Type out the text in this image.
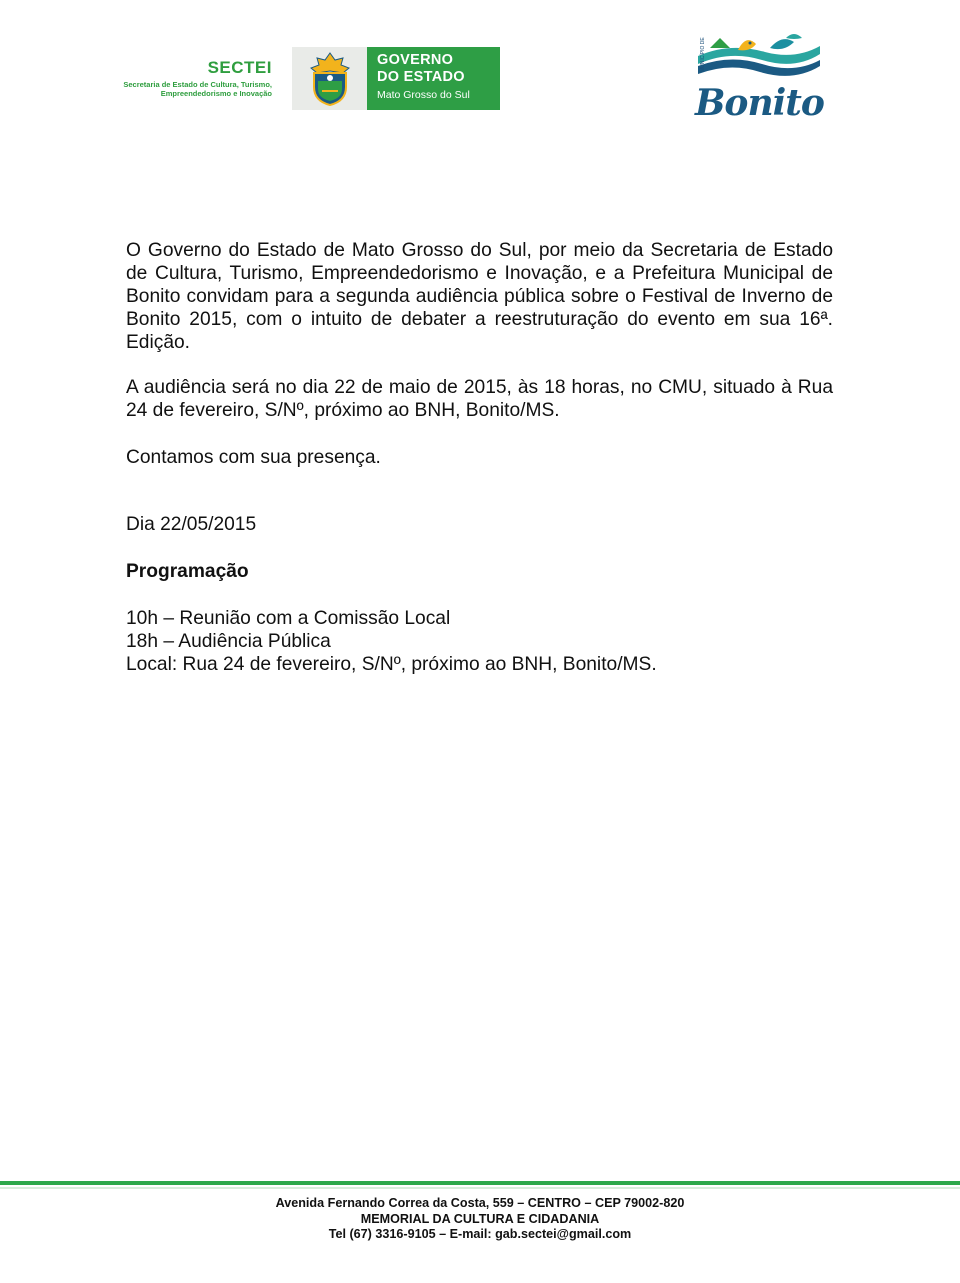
SECTEI
Secretaria de Estado de Cultura, Turismo,
Empreendedorismo e Inovação
GOVERNO
DO ESTADO
Mato Grosso do Sul
MUNICÍPIO DE
Bonito

O Governo do Estado de Mato Grosso do Sul, por meio da Secretaria de Estado de Cultura, Turismo, Empreendedorismo e Inovação, e a Prefeitura Municipal de Bonito convidam para a segunda audiência pública sobre o Festival de Inverno de Bonito 2015, com o intuito de debater a reestruturação do evento em sua 16ª. Edição.

A audiência será no dia 22 de maio de 2015, às 18 horas, no CMU, situado à Rua 24 de fevereiro, S/Nº, próximo ao BNH, Bonito/MS.

Contamos com sua presença.

Dia 22/05/2015
Programação
10h – Reunião com a Comissão Local
18h – Audiência Pública
Local: Rua 24 de fevereiro, S/Nº, próximo ao BNH, Bonito/MS.
Avenida Fernando Correa da Costa, 559 – CENTRO – CEP 79002-820
MEMORIAL DA CULTURA E CIDADANIA
Tel (67) 3316-9105 – E-mail: gab.sectei@gmail.com
